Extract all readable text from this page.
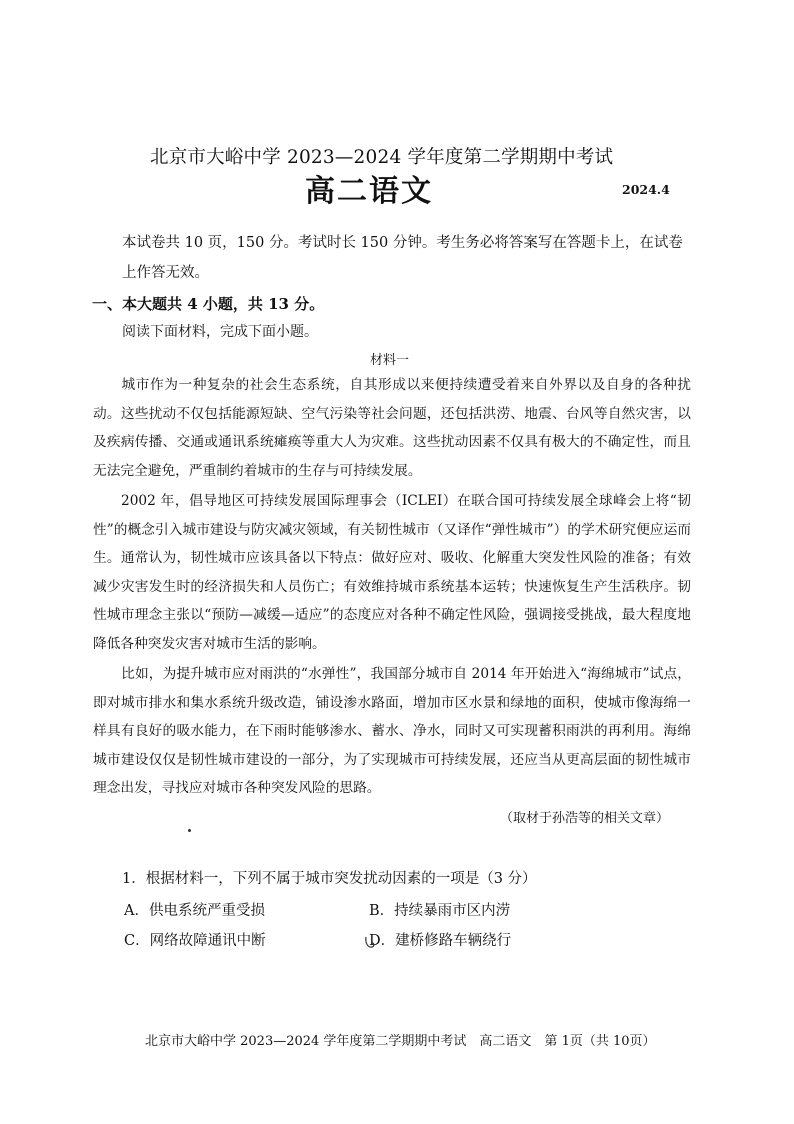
北京市大峪中学 2023—2024 学年度第二学期期中考试
高二语文	2024.4
本试卷共 10 页，150 分。考试时长 150 分钟。考生务必将答案写在答题卡上，在试卷上作答无效。
一、本大题共 4 小题，共 13 分。
阅读下面材料，完成下面小题。
材料一
城市作为一种复杂的社会生态系统，自其形成以来便持续遭受着来自外界以及自身的各种扰动。这些扰动不仅包括能源短缺、空气污染等社会问题，还包括洪涝、地震、台风等自然灾害，以及疾病传播、交通或通讯系统瘫痪等重大人为灾难。这些扰动因素不仅具有极大的不确定性，而且无法完全避免，严重制约着城市的生存与可持续发展。
2002 年，倡导地区可持续发展国际理事会（ICLEI）在联合国可持续发展全球峰会上将“韧性”的概念引入城市建设与防灾减灾领域，有关韧性城市（又译作“弹性城市”）的学术研究便应运而生。通常认为，韧性城市应该具备以下特点：做好应对、吸收、化解重大突发性风险的准备；有效减少灾害发生时的经济损失和人员伤亡；有效维持城市系统基本运转；快速恢复生产生活秩序。韧性城市理念主张以“预防—减缓—适应”的态度应对各种不确定性风险，强调接受挑战，最大程度地降低各种突发灾害对城市生活的影响。
比如，为提升城市应对雨洪的“水弹性”，我国部分城市自 2014 年开始进入“海绵城市”试点，即对城市排水和集水系统升级改造，铺设渗水路面，增加市区水景和绿地的面积，使城市像海绵一样具有良好的吸水能力，在下雨时能够渗水、蓄水、净水，同时又可实现蓄积雨洪的再利用。海绵城市建设仅仅是韧性城市建设的一部分，为了实现城市可持续发展，还应当从更高层面的韧性城市理念出发，寻找应对城市各种突发风险的思路。
（取材于孙浩等的相关文章）
1．根据材料一，下列不属于城市突发扰动因素的一项是（3 分）
A．供电系统严重受损	B．持续暴雨市区内涝
C．网络故障通讯中断	D．建桥修路车辆绕行
北京市大峪中学 2023—2024 学年度第二学期期中考试　高二语文　第 1页（共 10页）
